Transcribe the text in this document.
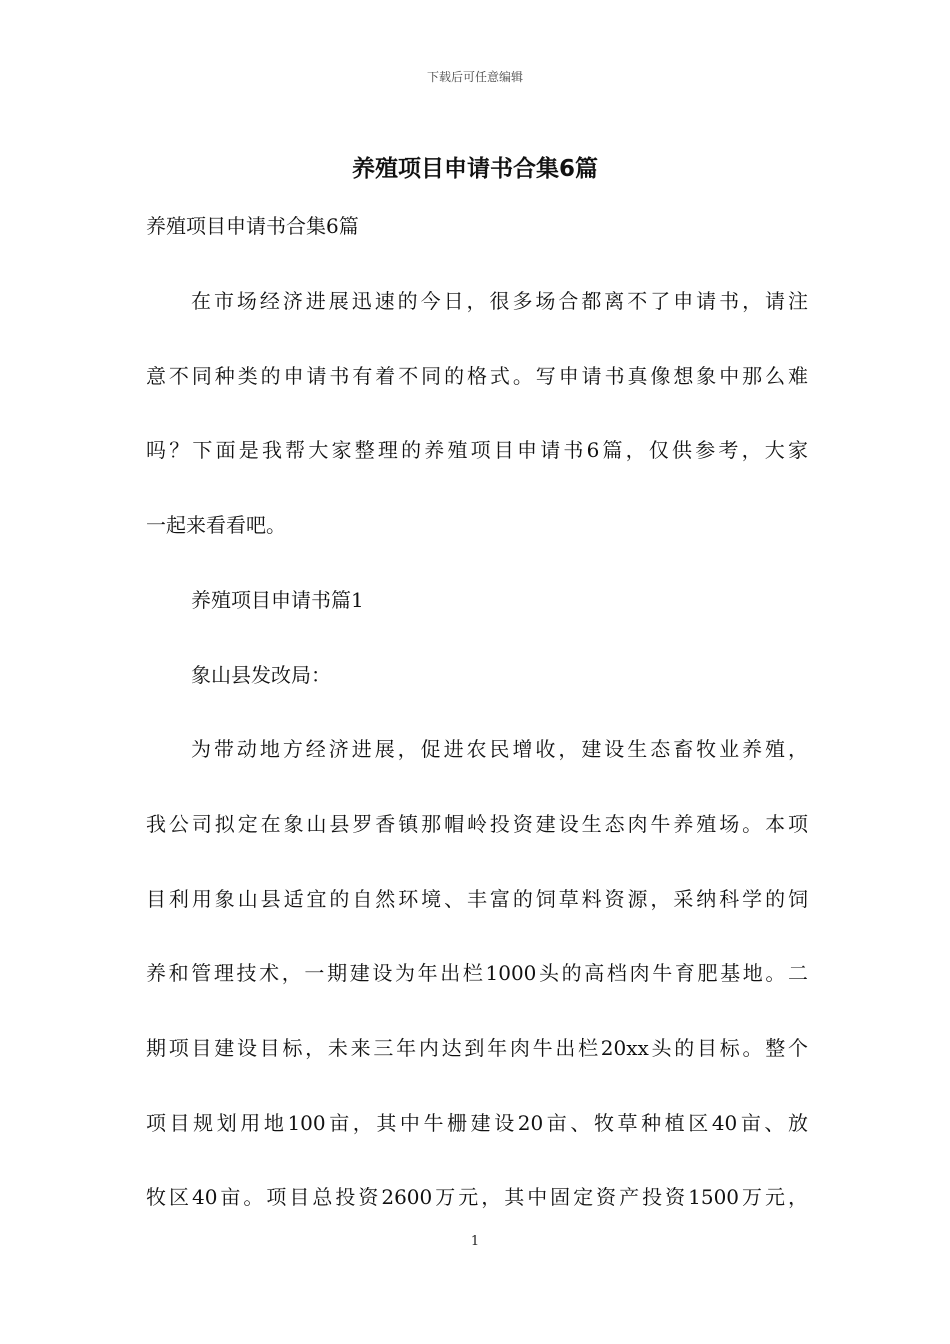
下载后可任意编辑
养殖项目申请书合集6篇
养殖项目申请书合集6篇
在市场经济进展迅速的今日，很多场合都离不了申请书，请注
意不同种类的申请书有着不同的格式。写申请书真像想象中那么难
吗？下面是我帮大家整理的养殖项目申请书6篇，仅供参考，大家
一起来看看吧。
养殖项目申请书篇1
象山县发改局：
为带动地方经济进展，促进农民增收，建设生态畜牧业养殖，
我公司拟定在象山县罗香镇那帽岭投资建设生态肉牛养殖场。本项
目利用象山县适宜的自然环境、丰富的饲草料资源，采纳科学的饲
养和管理技术，一期建设为年出栏1000头的高档肉牛育肥基地。二
期项目建设目标，未来三年内达到年肉牛出栏20xx头的目标。整个
项目规划用地100亩，其中牛栅建设20亩、牧草种植区40亩、放
牧区40亩。项目总投资2600万元，其中固定资产投资1500万元，
1
